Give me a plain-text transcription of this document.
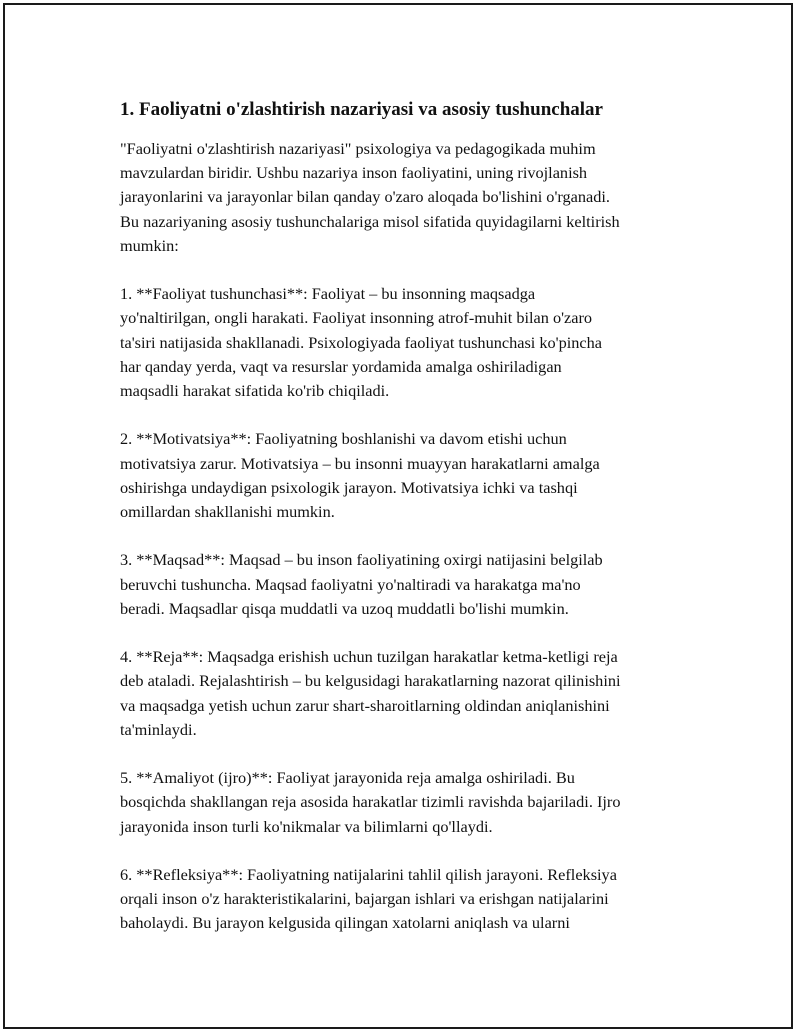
1. Faoliyatni o'zlashtirish nazariyasi va asosiy tushunchalar

"Faoliyatni o'zlashtirish nazariyasi" psixologiya va pedagogikada muhim
mavzulardan biridir. Ushbu nazariya inson faoliyatini, uning rivojlanish
jarayonlarini va jarayonlar bilan qanday o'zaro aloqada bo'lishini o'rganadi.
Bu nazariyaning asosiy tushunchalariga misol sifatida quyidagilarni keltirish
mumkin:

1. **Faoliyat tushunchasi**: Faoliyat – bu insonning maqsadga
yo'naltirilgan, ongli harakati. Faoliyat insonning atrof-muhit bilan o'zaro
ta'siri natijasida shakllanadi. Psixologiyada faoliyat tushunchasi ko'pincha
har qanday yerda, vaqt va resurslar yordamida amalga oshiriladigan
maqsadli harakat sifatida ko'rib chiqiladi.

2. **Motivatsiya**: Faoliyatning boshlanishi va davom etishi uchun
motivatsiya zarur. Motivatsiya – bu insonni muayyan harakatlarni amalga
oshirishga undaydigan psixologik jarayon. Motivatsiya ichki va tashqi
omillardan shakllanishi mumkin.

3. **Maqsad**: Maqsad – bu inson faoliyatining oxirgi natijasini belgilab
beruvchi tushuncha. Maqsad faoliyatni yo'naltiradi va harakatga ma'no
beradi. Maqsadlar qisqa muddatli va uzoq muddatli bo'lishi mumkin.

4. **Reja**: Maqsadga erishish uchun tuzilgan harakatlar ketma-ketligi reja
deb ataladi. Rejalashtirish – bu kelgusidagi harakatlarning nazorat qilinishini
va maqsadga yetish uchun zarur shart-sharoitlarning oldindan aniqlanishini
ta'minlaydi.

5. **Amaliyot (ijro)**: Faoliyat jarayonida reja amalga oshiriladi. Bu
bosqichda shakllangan reja asosida harakatlar tizimli ravishda bajariladi. Ijro
jarayonida inson turli ko'nikmalar va bilimlarni qo'llaydi.

6. **Refleksiya**: Faoliyatning natijalarini tahlil qilish jarayoni. Refleksiya
orqali inson o'z harakteristikalarini, bajargan ishlari va erishgan natijalarini
baholaydi. Bu jarayon kelgusida qilingan xatolarni aniqlash va ularni
